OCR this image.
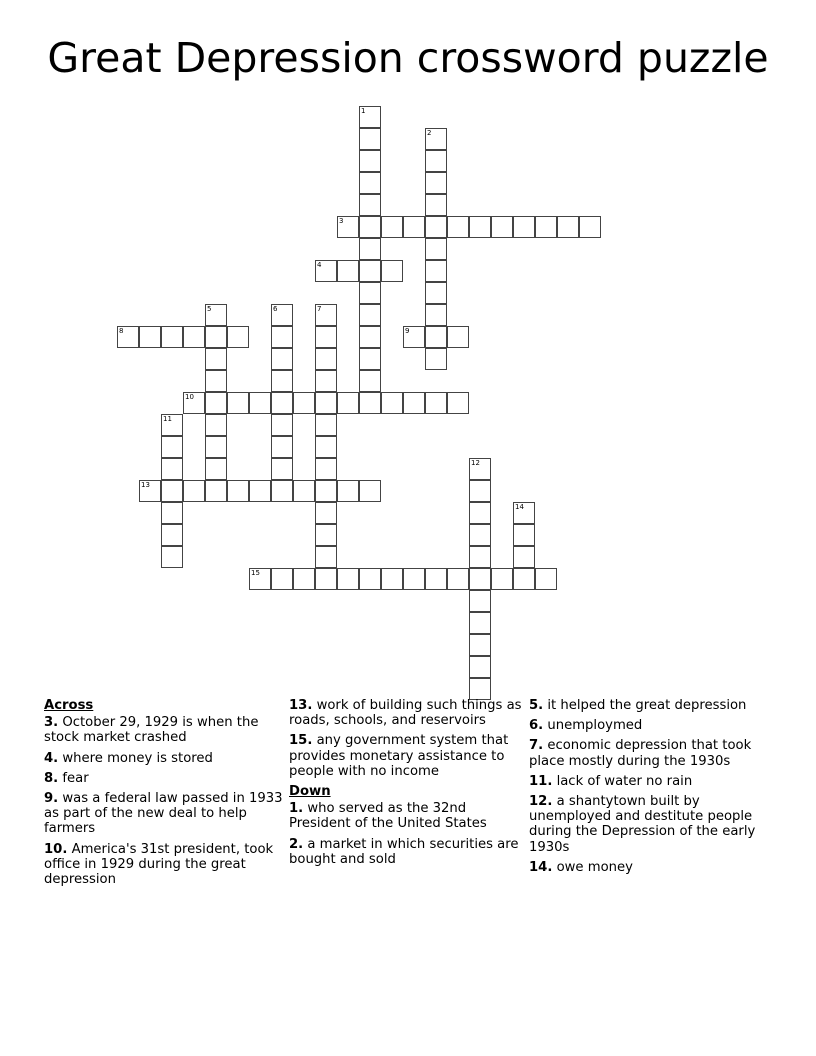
Great Depression crossword puzzle
1
2
3
4
5	6	7
8	9
10
11
12
13
14
15
Across
3. October 29, 1929 is when the stock market crashed
4. where money is stored
8. fear
9. was a federal law passed in 1933 as part of the new deal to help farmers
10. America's 31st president, took office in 1929 during the great depression
13. work of building such things as roads, schools, and reservoirs
15. any government system that provides monetary assistance to people with no income
Down
1. who served as the 32nd President of the United States
2. a market in which securities are bought and sold
5. it helped the great depression
6. unemploymed
7. economic depression that took place mostly during the 1930s
11. lack of water no rain
12. a shantytown built by unemployed and destitute people during the Depression of the early 1930s
14. owe money
